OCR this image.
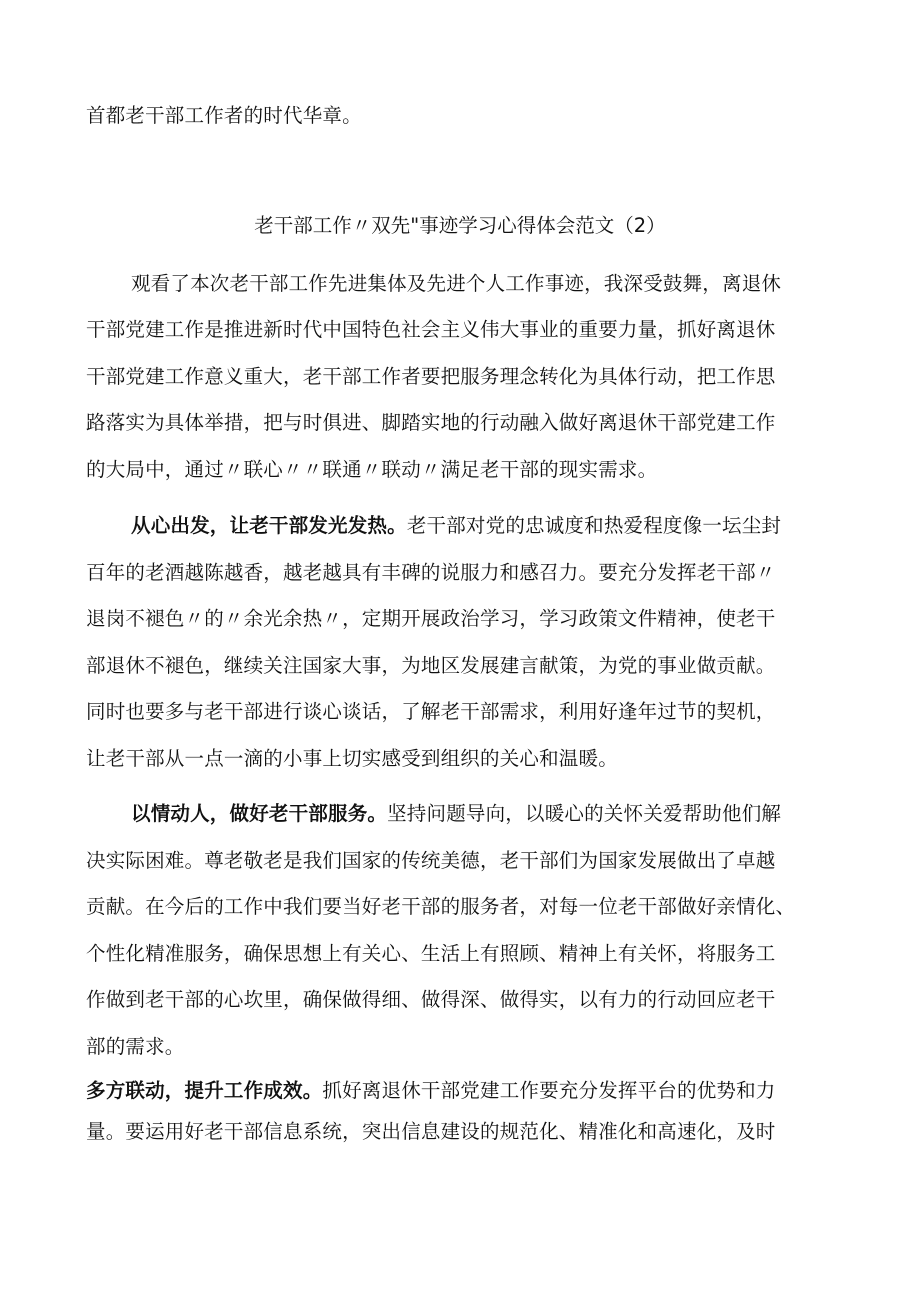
首都老干部工作者的时代华章。
老干部工作〃双先"事迹学习心得体会范文（2）
观看了本次老干部工作先进集体及先进个人工作事迹，我深受鼓舞，离退休
干部党建工作是推进新时代中国特色社会主义伟大事业的重要力量，抓好离退休
干部党建工作意义重大，老干部工作者要把服务理念转化为具体行动，把工作思
路落实为具体举措，把与时俱进、脚踏实地的行动融入做好离退休干部党建工作
的大局中，通过〃联心〃〃联通〃联动〃满足老干部的现实需求。
从心出发，让老干部发光发热。老干部对党的忠诚度和热爱程度像一坛尘封
百年的老酒越陈越香，越老越具有丰碑的说服力和感召力。要充分发挥老干部〃
退岗不褪色〃的〃余光余热〃，定期开展政治学习，学习政策文件精神，使老干
部退休不褪色，继续关注国家大事，为地区发展建言献策，为党的事业做贡献。
同时也要多与老干部进行谈心谈话，了解老干部需求，利用好逢年过节的契机，
让老干部从一点一滴的小事上切实感受到组织的关心和温暖。
以情动人，做好老干部服务。坚持问题导向，以暖心的关怀关爱帮助他们解
决实际困难。尊老敬老是我们国家的传统美德，老干部们为国家发展做出了卓越
贡献。在今后的工作中我们要当好老干部的服务者，对每一位老干部做好亲情化、
个性化精准服务，确保思想上有关心、生活上有照顾、精神上有关怀，将服务工
作做到老干部的心坎里，确保做得细、做得深、做得实，以有力的行动回应老干
部的需求。
多方联动，提升工作成效。抓好离退休干部党建工作要充分发挥平台的优势和力
量。要运用好老干部信息系统，突出信息建设的规范化、精准化和高速化，及时
